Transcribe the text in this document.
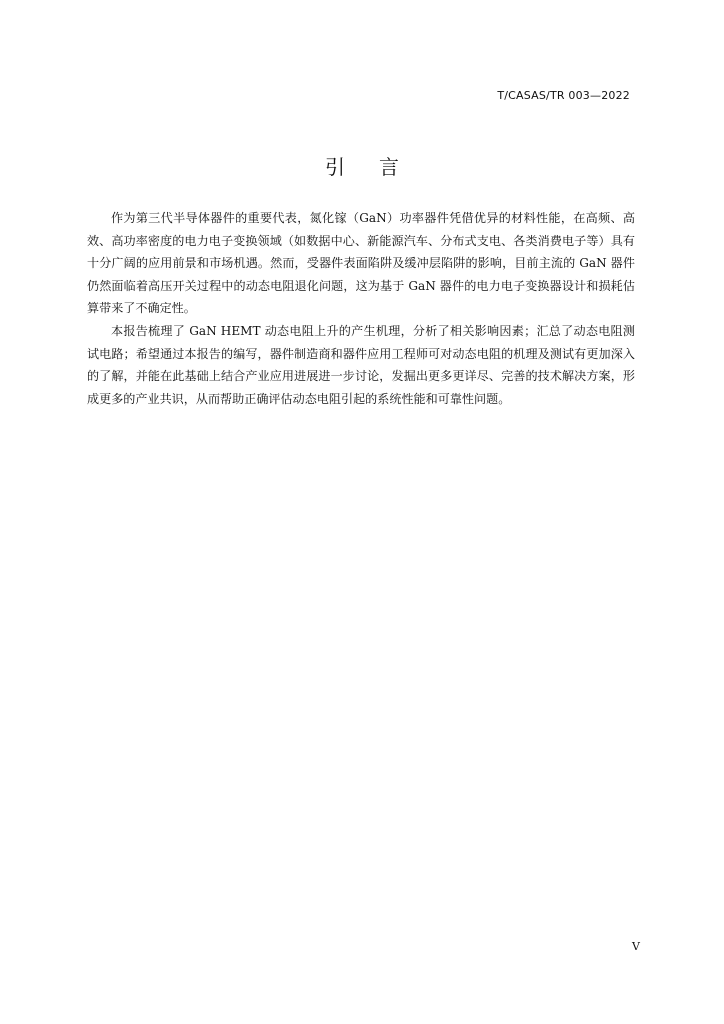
T/CASAS/TR 003—2022
引言

作为第三代半导体器件的重要代表，氮化镓（GaN）功率器件凭借优异的材料性能，在高频、高效、高功率密度的电力电子变换领域（如数据中心、新能源汽车、分布式支电、各类消费电子等）具有十分广阔的应用前景和市场机遇。然而，受器件表面陷阱及缓冲层陷阱的影响，目前主流的 GaN 器件仍然面临着高压开关过程中的动态电阻退化问题，这为基于 GaN 器件的电力电子变换器设计和损耗估算带来了不确定性。

本报告梳理了 GaN HEMT 动态电阻上升的产生机理，分析了相关影响因素；汇总了动态电阻测试电路；希望通过本报告的编写，器件制造商和器件应用工程师可对动态电阻的机理及测试有更加深入的了解，并能在此基础上结合产业应用进展进一步讨论，发掘出更多更详尽、完善的技术解决方案，形成更多的产业共识，从而帮助正确评估动态电阻引起的系统性能和可靠性问题。

V
